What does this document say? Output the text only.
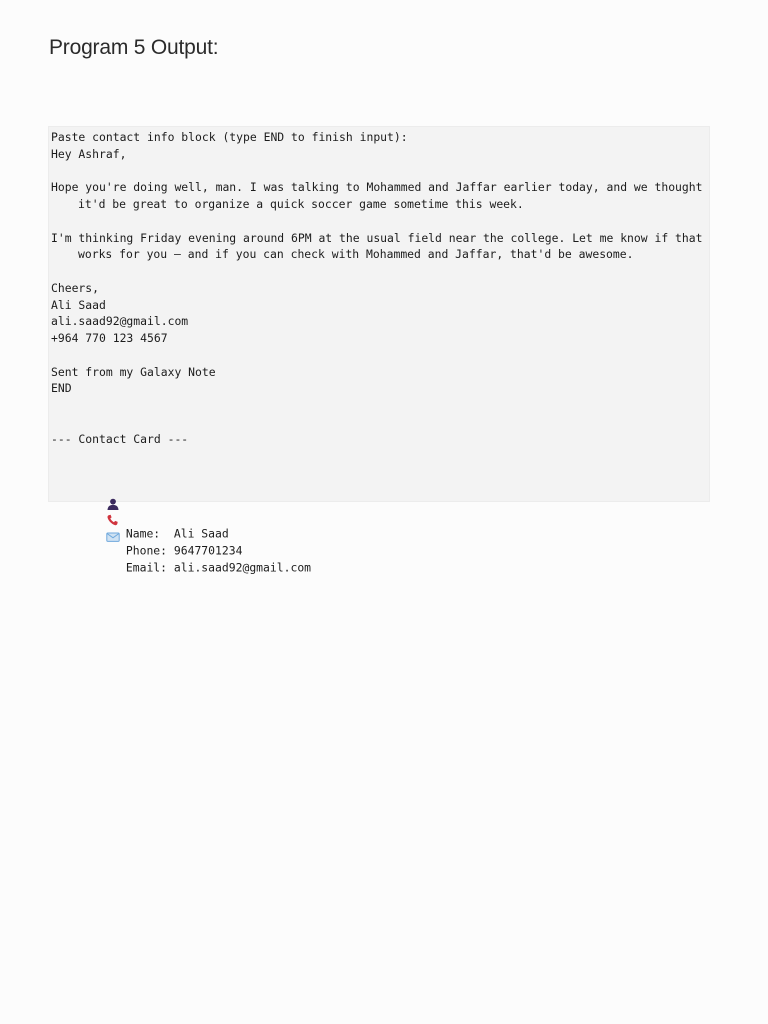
Program 5 Output:
Paste contact info block (type END to finish input):
Hey Ashraf,
Hope you're doing well, man. I was talking to Mohammed and Jaffar earlier today, and we thought
it'd be great to organize a quick soccer game sometime this week.
I'm thinking Friday evening around 6PM at the usual field near the college. Let me know if that
works for you — and if you can check with Mohammed and Jaffar, that'd be awesome.
Cheers,
Ali Saad
ali.saad92@gmail.com
+964 770 123 4567
Sent from my Galaxy Note
END
--- Contact Card ---

Name:  Ali Saad

Phone: 9647701234

Email: ali.saad92@gmail.com
